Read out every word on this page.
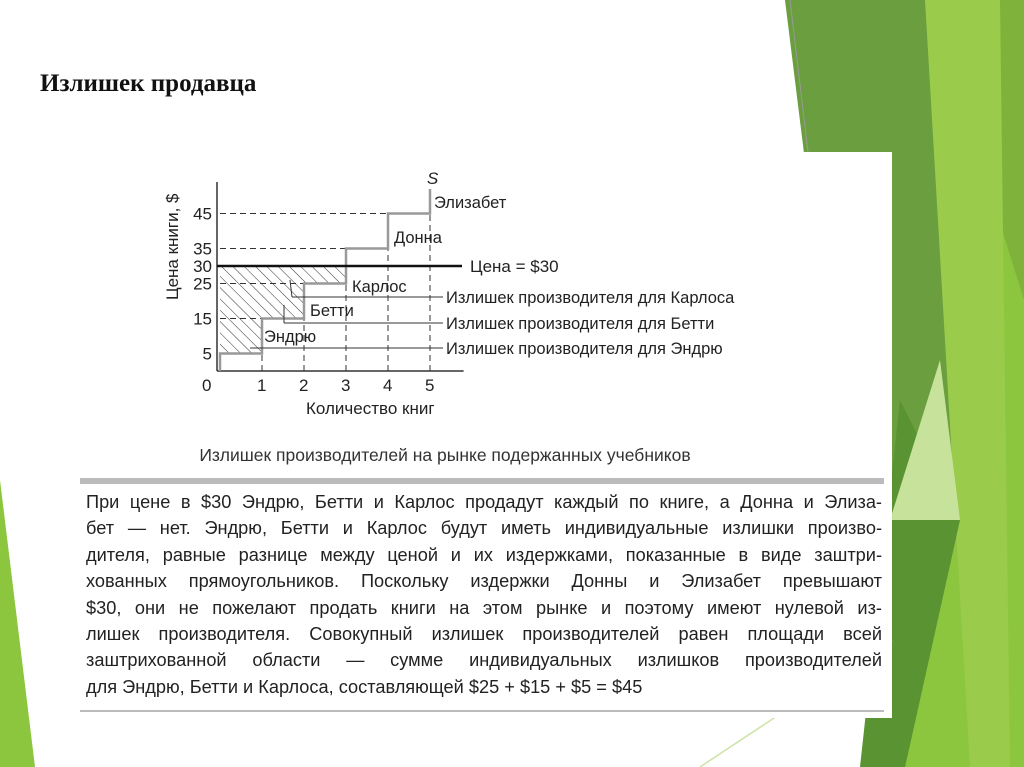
Излишек продавца
Цена книги, $
Количество книг
S
Цена = $30
0	1 2 3 4 5
5
15
25
30
35
45
Эндрю
Бетти
Карлос
Донна
Элизабет
Излишек производителя для Карлоса
Излишек производителя для Бетти
Излишек производителя для Эндрю
Излишек производителей на рынке подержанных учебников
При цене в $30 Эндрю, Бетти и Карлос продадут каждый по книге, а Донна и Элиза-
бет — нет. Эндрю, Бетти и Карлос будут иметь индивидуальные излишки произво-
дителя, равные разнице между ценой и их издержками, показанные в виде заштри-
хованных прямоугольников. Поскольку издержки Донны и Элизабет превышают
$30, они не пожелают продать книги на этом рынке и поэтому имеют нулевой из-
лишек производителя. Совокупный излишек производителей равен площади всей
заштрихованной области — сумме индивидуальных излишков производителей
для Эндрю, Бетти и Карлоса, составляющей $25 + $15 + $5 = $45
